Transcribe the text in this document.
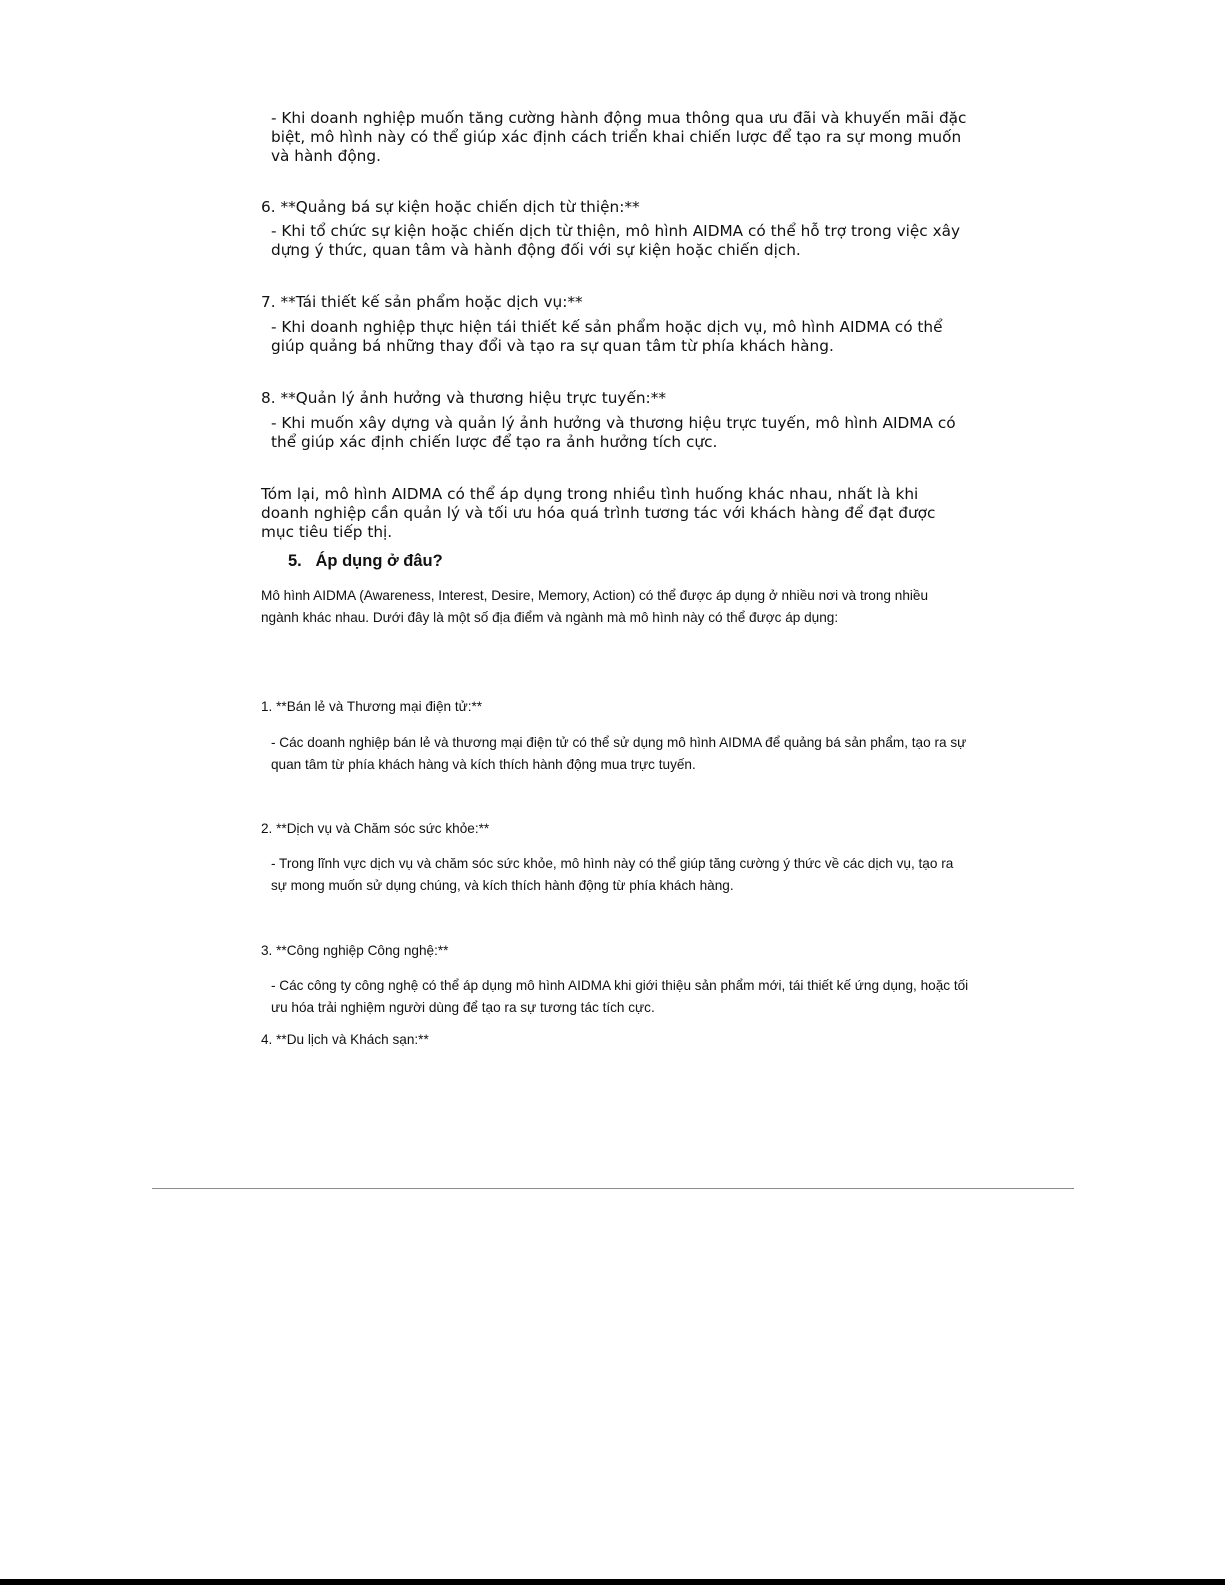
- Khi doanh nghiệp muốn tăng cường hành động mua thông qua ưu đãi và khuyến mãi đặc biệt, mô hình này có thể giúp xác định cách triển khai chiến lược để tạo ra sự mong muốn và hành động.

6. **Quảng bá sự kiện hoặc chiến dịch từ thiện:**

- Khi tổ chức sự kiện hoặc chiến dịch từ thiện, mô hình AIDMA có thể hỗ trợ trong việc xây dựng ý thức, quan tâm và hành động đối với sự kiện hoặc chiến dịch.

7. **Tái thiết kế sản phẩm hoặc dịch vụ:**

- Khi doanh nghiệp thực hiện tái thiết kế sản phẩm hoặc dịch vụ, mô hình AIDMA có thể giúp quảng bá những thay đổi và tạo ra sự quan tâm từ phía khách hàng.

8. **Quản lý ảnh hưởng và thương hiệu trực tuyến:**

- Khi muốn xây dựng và quản lý ảnh hưởng và thương hiệu trực tuyến, mô hình AIDMA có thể giúp xác định chiến lược để tạo ra ảnh hưởng tích cực.

Tóm lại, mô hình AIDMA có thể áp dụng trong nhiều tình huống khác nhau, nhất là khi doanh nghiệp cần quản lý và tối ưu hóa quá trình tương tác với khách hàng để đạt được mục tiêu tiếp thị.

5.   Áp dụng ở đâu?

Mô hình AIDMA (Awareness, Interest, Desire, Memory, Action) có thể được áp dụng ở nhiều nơi và trong nhiều ngành khác nhau. Dưới đây là một số địa điểm và ngành mà mô hình này có thể được áp dụng:

1. **Bán lẻ và Thương mại điện tử:**

- Các doanh nghiệp bán lẻ và thương mại điện tử có thể sử dụng mô hình AIDMA để quảng bá sản phẩm, tạo ra sự quan tâm từ phía khách hàng và kích thích hành động mua trực tuyến.

2. **Dịch vụ và Chăm sóc sức khỏe:**

- Trong lĩnh vực dịch vụ và chăm sóc sức khỏe, mô hình này có thể giúp tăng cường ý thức về các dịch vụ, tạo ra sự mong muốn sử dụng chúng, và kích thích hành động từ phía khách hàng.

3. **Công nghiệp Công nghệ:**

- Các công ty công nghệ có thể áp dụng mô hình AIDMA khi giới thiệu sản phẩm mới, tái thiết kế ứng dụng, hoặc tối ưu hóa trải nghiệm người dùng để tạo ra sự tương tác tích cực.

4. **Du lịch và Khách sạn:**
